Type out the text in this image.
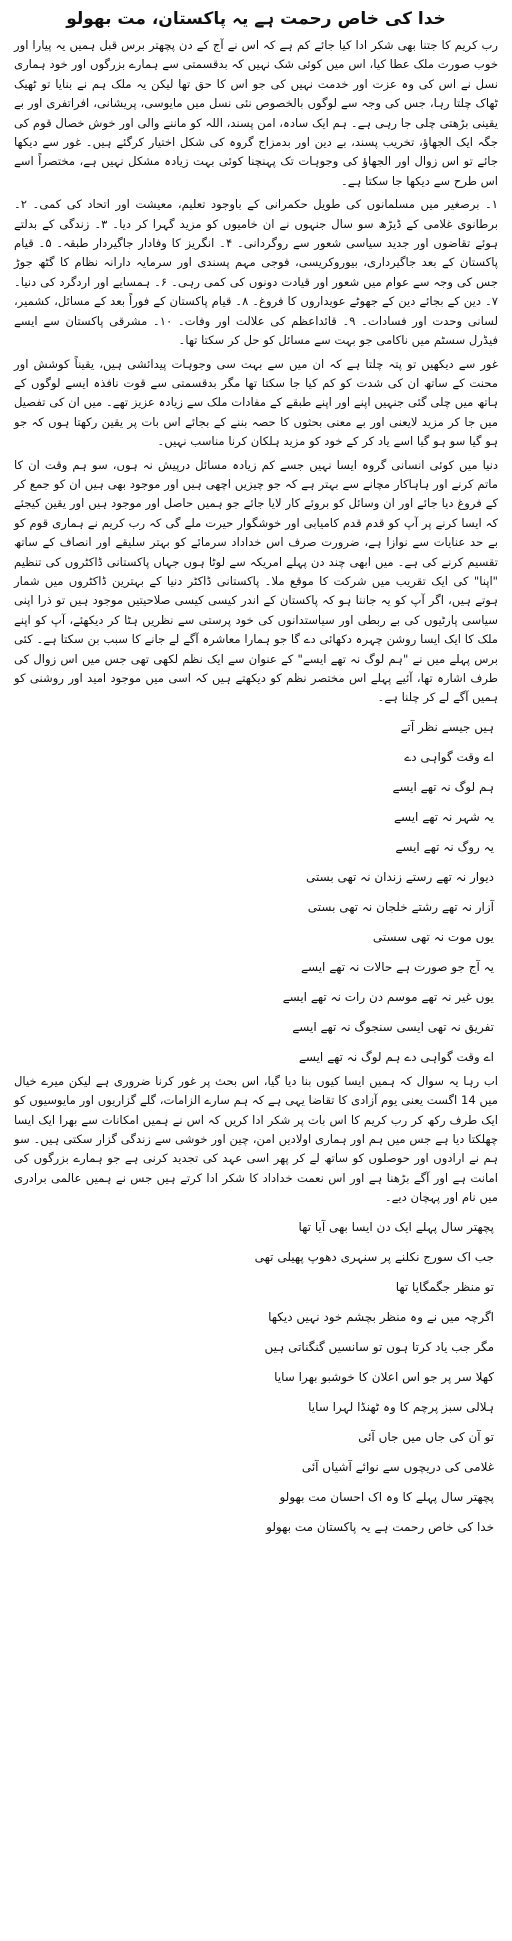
خدا کی خاص رحمت ہے یہ پاکستان، مت بھولو

رب کریم کا جتنا بھی شکر ادا کیا جائے کم ہے کہ اس نے آج کے دن پچھتر برس قبل ہمیں یہ پیارا اور خوب صورت ملک عطا کیا، اس میں کوئی شک نہیں کہ بدقسمتی سے ہمارے بزرگوں اور خود ہماری نسل نے اس کی وہ عزت اور خدمت نہیں کی جو اس کا حق تھا لیکن یہ ملک ہم نے بنایا تو ٹھیک ٹھاک چلتا رہا، جس کی وجہ سے لوگوں بالخصوص نئی نسل میں مایوسی، پریشانی، افراتفری اور بے یقینی بڑھتی چلی جا رہی ہے۔ ہم ایک سادہ، امن پسند، اللہ کو ماننے والی اور خوش خصال قوم کی جگہ ایک الجھاؤ، تخریب پسند، بے دین اور بدمزاج گروہ کی شکل اختیار کرگئے ہیں۔ غور سے دیکھا جائے تو اس زوال اور الجھاؤ کی وجوہات تک پہنچنا کوئی بہت زیادہ مشکل نہیں ہے، مختصراً اسے اس طرح سے دیکھا جا سکتا ہے۔

۱۔ برصغیر میں مسلمانوں کی طویل حکمرانی کے باوجود تعلیم، معیشت اور اتحاد کی کمی۔ ۲۔ برطانوی غلامی کے ڈیڑھ سو سال جنہوں نے ان خامیوں کو مزید گہرا کر دیا۔ ۳۔ زندگی کے بدلتے ہوئے تقاضوں اور جدید سیاسی شعور سے روگردانی۔ ۴۔ انگریز کا وفادار جاگیردار طبقہ۔ ۵۔ قیام پاکستان کے بعد جاگیرداری، بیوروکریسی، فوجی مہم پسندی اور سرمایہ دارانہ نظام کا گٹھ جوڑ جس کی وجہ سے عوام میں شعور اور قیادت دونوں کی کمی رہی۔ ۶۔ ہمسایے اور اردگرد کی دنیا۔ ۷۔ دین کے بجائے دین کے جھوٹے عویداروں کا فروغ۔ ۸۔ قیام پاکستان کے فوراً بعد کے مسائل، کشمیر، لسانی وحدت اور فسادات۔ ۹۔ قائداعظم کی علالت اور وفات۔ ۱۰۔ مشرقی پاکستان سے ایسے فیڈرل سسٹم میں ناکامی جو بہت سے مسائل کو حل کر سکتا تھا۔

غور سے دیکھیں تو پتہ چلتا ہے کہ ان میں سے بہت سی وجوہات پیدائشی ہیں، یقیناً کوشش اور محنت کے ساتھ ان کی شدت کو کم کیا جا سکتا تھا مگر بدقسمتی سے قوت نافذہ ایسے لوگوں کے ہاتھ میں چلی گئی جنہیں اپنے اور اپنے طبقے کے مفادات ملک سے زیادہ عزیز تھے۔ میں ان کی تفصیل میں جا کر مزید لایعنی اور بے معنی بحثوں کا حصہ بننے کے بجائے اس بات پر یقین رکھتا ہوں کہ جو ہو گیا سو ہو گیا اسے یاد کر کے خود کو مزید ہلکان کرنا مناسب نہیں۔

دنیا میں کوئی انسانی گروہ ایسا نہیں جسے کم زیادہ مسائل درپیش نہ ہوں، سو ہم وقت ان کا ماتم کرنے اور ہاہاکار مچانے سے بہتر ہے کہ جو چیزیں اچھی ہیں اور موجود بھی ہیں ان کو جمع کر کے فروغ دیا جائے اور ان وسائل کو بروئے کار لایا جائے جو ہمیں حاصل اور موجود ہیں اور یقین کیجئے کہ ایسا کرنے پر آپ کو قدم قدم کامیابی اور خوشگوار حیرت ملے گی کہ رب کریم نے ہماری قوم کو بے حد عنایات سے نوازا ہے، ضرورت صرف اس خداداد سرمائے کو بہتر سلیقے اور انصاف کے ساتھ تقسیم کرنے کی ہے۔ میں ابھی چند دن پہلے امریکہ سے لوٹا ہوں جہاں پاکستانی ڈاکٹروں کی تنظیم "اپنا" کی ایک تقریب میں شرکت کا موقع ملا۔ پاکستانی ڈاکٹر دنیا کے بہترین ڈاکٹروں میں شمار ہوتے ہیں، اگر آپ کو یہ جاننا ہو کہ پاکستان کے اندر کیسی کیسی صلاحیتیں موجود ہیں تو ذرا اپنی سیاسی پارٹیوں کی بے ربطی اور سیاستدانوں کی خود پرستی سے نظریں ہٹا کر دیکھئے، آپ کو اپنے ملک کا ایک ایسا روشن چہرہ دکھائی دے گا جو ہمارا معاشرہ آگے لے جانے کا سبب بن سکتا ہے۔ کئی برس پہلے میں نے "ہم لوگ نہ تھے ایسے" کے عنوان سے ایک نظم لکھی تھی جس میں اس زوال کی طرف اشارہ تھا، آئیے پہلے اس مختصر نظم کو دیکھتے ہیں کہ اسی میں موجود امید اور روشنی کو ہمیں آگے لے کر چلنا ہے۔

ہیں جیسے نظر آتے
اے وقت گواہی دے
ہم لوگ نہ تھے ایسے
یہ شہر نہ تھے ایسے
یہ روگ نہ تھے ایسے
دیوار نہ تھے رستے زندان نہ تھی بستی
آزار نہ تھے رشتے خلجان نہ تھی بستی
یوں موت نہ تھی سستی
یہ آج جو صورت ہے حالات نہ تھے ایسے
یوں غیر نہ تھے موسم دن رات نہ تھے ایسے
تفریق نہ تھی ایسی سنجوگ نہ تھے ایسے
اے وقت گواہی دے ہم لوگ نہ تھے ایسے

اب رہا یہ سوال کہ ہمیں ایسا کیوں بنا دیا گیا، اس بحث پر غور کرنا ضروری ہے لیکن میرے خیال میں 14 اگست یعنی یوم آزادی کا تقاضا یہی ہے کہ ہم سارے الزامات، گلے گزاریوں اور مایوسیوں کو ایک طرف رکھ کر رب کریم کا اس بات پر شکر ادا کریں کہ اس نے ہمیں امکانات سے بھرا ایک ایسا چھلکتا دیا ہے جس میں ہم اور ہماری اولادیں امن، چین اور خوشی سے زندگی گزار سکتی ہیں۔ سو ہم نے ارادوں اور حوصلوں کو ساتھ لے کر پھر اسی عہد کی تجدید کرنی ہے جو ہمارے بزرگوں کی امانت ہے اور آگے بڑھنا ہے اور اس نعمت خداداد کا شکر ادا کرتے ہیں جس نے ہمیں عالمی برادری میں نام اور پہچان دیے۔

پچھتر سال پہلے ایک دن ایسا بھی آیا تھا
جب اک سورج نکلنے پر سنہری دھوپ پھیلی تھی
تو منظر جگمگایا تھا
اگرچہ میں نے وہ منظر بچشم خود نہیں دیکھا
مگر جب یاد کرتا ہوں تو سانسیں گنگناتی ہیں
کھلا سر پر جو اس اعلان کا خوشبو بھرا سایا
ہلالی سبز پرچم کا وہ ٹھنڈا لہرا سایا
تو آن کی جاں میں جاں آئی
غلامی کی دریچوں سے نوائے آشیاں آئی
پچھتر سال پہلے کا وہ اک احسان مت بھولو
خدا کی خاص رحمت ہے یہ پاکستان مت بھولو
